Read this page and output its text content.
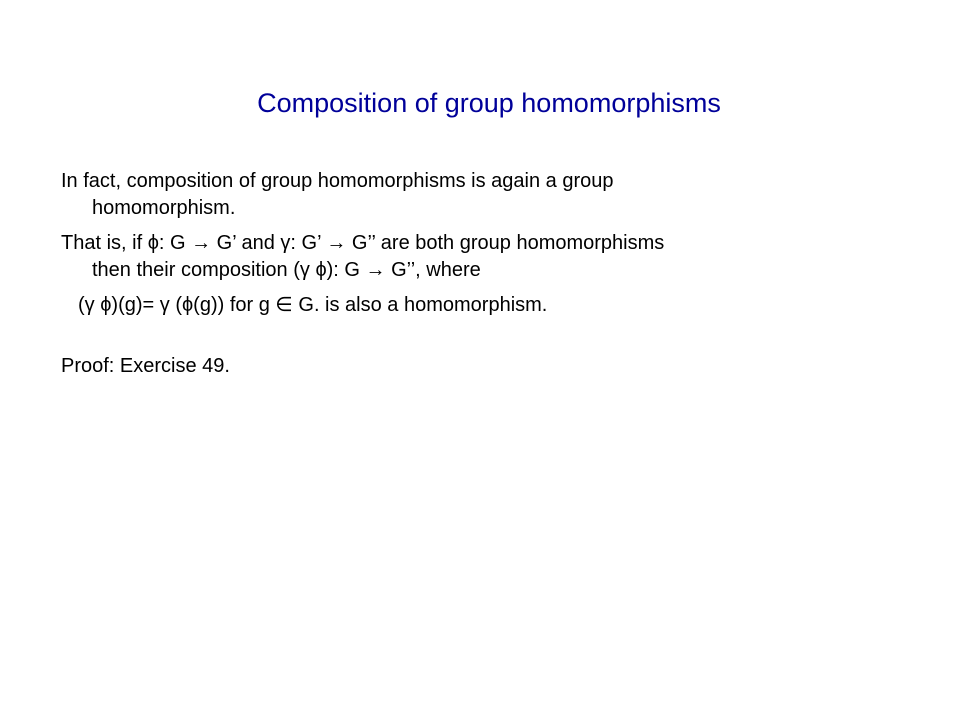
Composition of group homomorphisms

In fact, composition of group homomorphisms is again a group
homomorphism.

That is, if ϕ: G → G’ and γ: G’ → G’’ are both group homomorphisms
then their composition (γ ϕ): G → G’’, where

(γ ϕ)(g)= γ (ϕ(g)) for g ∈ G. is also a homomorphism.

Proof: Exercise 49.
